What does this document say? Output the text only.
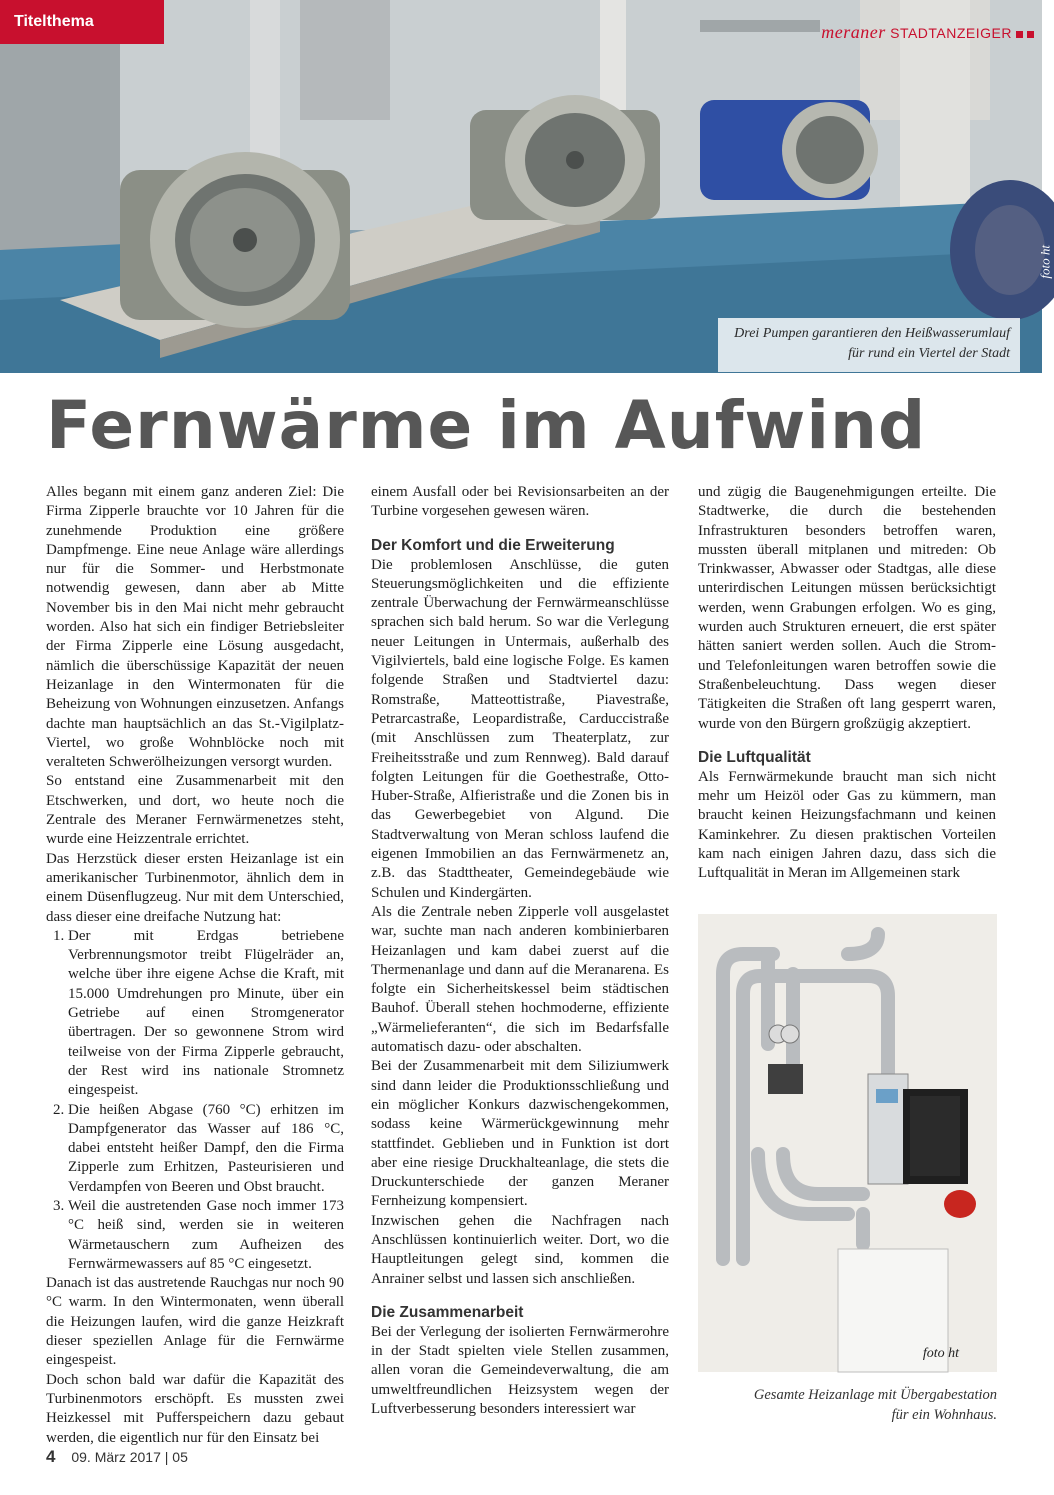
Titelthema
meraner STADTANZEIGER
foto ht
Drei Pumpen garantieren den Heißwasserumlauf
für rund ein Viertel der Stadt
Fernwärme im Aufwind

Alles begann mit einem ganz anderen Ziel: Die Firma Zipperle brauchte vor 10 Jahren für die zunehmende Produktion eine größere Dampfmenge. Eine neue Anlage wäre allerdings nur für die Sommer- und Herbstmonate notwendig gewesen, dann aber ab Mitte November bis in den Mai nicht mehr gebraucht worden. Also hat sich ein findiger Betriebsleiter der Firma Zipperle eine Lösung ausgedacht, nämlich die überschüssige Kapazität der neuen Heizanlage in den Wintermonaten für die Beheizung von Wohnungen einzusetzen. Anfangs dachte man hauptsächlich an das St.-Vigilplatz-Viertel, wo große Wohnblöcke noch mit veralteten Schwerölheizungen versorgt wurden.

So entstand eine Zusammenarbeit mit den Etschwerken, und dort, wo heute noch die Zentrale des Meraner Fernwärmenetzes steht, wurde eine Heizzentrale errichtet.

Das Herzstück dieser ersten Heizanlage ist ein amerikanischer Turbinenmotor, ähnlich dem in einem Düsenflugzeug. Nur mit dem Unterschied, dass dieser eine dreifache Nutzung hat:

1. Der mit Erdgas betriebene Verbrennungsmotor treibt Flügelräder an, welche über ihre eigene Achse die Kraft, mit 15.000 Umdrehungen pro Minute, über ein Getriebe auf einen Stromgenerator übertragen. Der so gewonnene Strom wird teilweise von der Firma Zipperle gebraucht, der Rest wird ins nationale Stromnetz eingespeist.
2. Die heißen Abgase (760 °C) erhitzen im Dampfgenerator das Wasser auf 186 °C, dabei entsteht heißer Dampf, den die Firma Zipperle zum Erhitzen, Pasteurisieren und Verdampfen von Beeren und Obst braucht.
3. Weil die austretenden Gase noch immer 173 °C heiß sind, werden sie in weiteren Wärmetauschern zum Aufheizen des Fernwärmewassers auf 85 °C eingesetzt.

Danach ist das austretende Rauchgas nur noch 90 °C warm. In den Wintermonaten, wenn überall die Heizungen laufen, wird die ganze Heizkraft dieser speziellen Anlage für die Fernwärme eingespeist.

Doch schon bald war dafür die Kapazität des Turbinenmotors erschöpft. Es mussten zwei Heizkessel mit Pufferspeichern dazu gebaut werden, die eigentlich nur für den Einsatz bei

einem Ausfall oder bei Revisionsarbeiten an der Turbine vorgesehen gewesen wären.

Der Komfort und die Erweiterung

Die problemlosen Anschlüsse, die guten Steuerungsmöglichkeiten und die effiziente zentrale Überwachung der Fernwärmeanschlüsse sprachen sich bald herum. So war die Verlegung neuer Leitungen in Untermais, außerhalb des Vigilviertels, bald eine logische Folge. Es kamen folgende Straßen und Stadtviertel dazu: Romstraße, Matteottistraße, Piavestraße, Petrarcastraße, Leopardistraße, Carduccistraße (mit Anschlüssen zum Theaterplatz, zur Freiheitsstraße und zum Rennweg). Bald darauf folgten Leitungen für die Goethestraße, Otto-Huber-Straße, Alfieristraße und die Zonen bis in das Gewerbegebiet von Algund. Die Stadtverwaltung von Meran schloss laufend die eigenen Immobilien an das Fernwärmenetz an, z.B. das Stadttheater, Gemeindegebäude wie Schulen und Kindergärten.

Als die Zentrale neben Zipperle voll ausgelastet war, suchte man nach anderen kombinierbaren Heizanlagen und kam dabei zuerst auf die Thermenanlage und dann auf die Meranarena. Es folgte ein Sicherheitskessel beim städtischen Bauhof. Überall stehen hochmoderne, effiziente „Wärmelieferanten“, die sich im Bedarfsfalle automatisch dazu- oder abschalten.

Bei der Zusammenarbeit mit dem Siliziumwerk sind dann leider die Produktionsschließung und ein möglicher Konkurs dazwischengekommen, sodass keine Wärmerückgewinnung mehr stattfindet. Geblieben und in Funktion ist dort aber eine riesige Druckhalteanlage, die stets die Druckunterschiede der ganzen Meraner Fernheizung kompensiert.

Inzwischen gehen die Nachfragen nach Anschlüssen kontinuierlich weiter. Dort, wo die Hauptleitungen gelegt sind, kommen die Anrainer selbst und lassen sich anschließen.

Die Zusammenarbeit

Bei der Verlegung der isolierten Fernwärmerohre in der Stadt spielten viele Stellen zusammen, allen voran die Gemeindeverwaltung, die am umweltfreundlichen Heizsystem wegen der Luftverbesserung besonders interessiert war

und zügig die Baugenehmigungen erteilte. Die Stadtwerke, die durch die bestehenden Infrastrukturen besonders betroffen waren, mussten überall mitplanen und mitreden: Ob Trinkwasser, Abwasser oder Stadtgas, alle diese unterirdischen Leitungen müssen berücksichtigt werden, wenn Grabungen erfolgen. Wo es ging, wurden auch Strukturen erneuert, die erst später hätten saniert werden sollen. Auch die Strom- und Telefonleitungen waren betroffen sowie die Straßenbeleuchtung. Dass wegen dieser Tätigkeiten die Straßen oft lang gesperrt waren, wurde von den Bürgern großzügig akzeptiert.

Die Luftqualität

Als Fernwärmekunde braucht man sich nicht mehr um Heizöl oder Gas zu kümmern, man braucht keinen Heizungsfachmann und keinen Kaminkehrer. Zu diesen praktischen Vorteilen kam nach einigen Jahren dazu, dass sich die Luftqualität in Meran im Allgemeinen stark

foto ht
Gesamte Heizanlage mit Übergabestation
für ein Wohnhaus.
4 09. März 2017 | 05
